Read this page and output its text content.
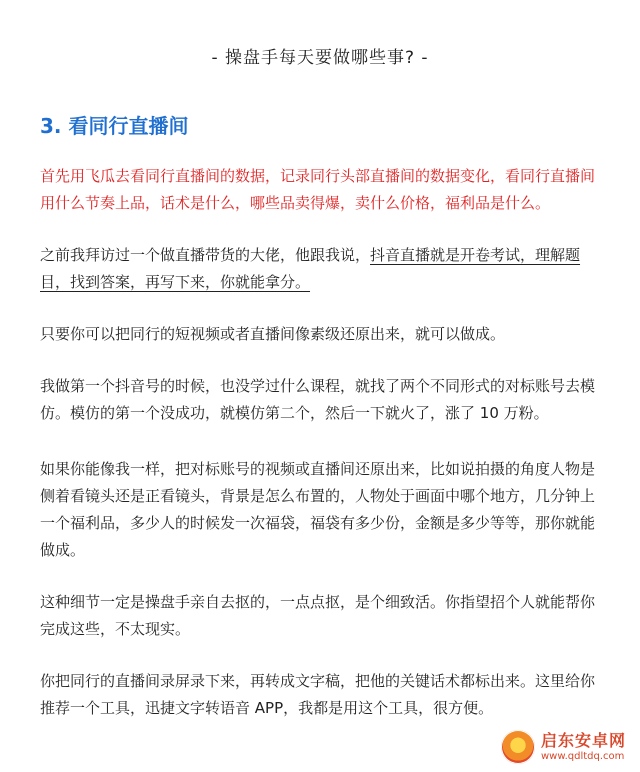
- 操盘手每天要做哪些事? -
3. 看同行直播间
首先用飞瓜去看同行直播间的数据，记录同行头部直播间的数据变化，看同行直播间用什么节奏上品，话术是什么，哪些品卖得爆，卖什么价格，福利品是什么。
之前我拜访过一个做直播带货的大佬，他跟我说，抖音直播就是开卷考试，理解题目，找到答案，再写下来，你就能拿分。
只要你可以把同行的短视频或者直播间像素级还原出来，就可以做成。
我做第一个抖音号的时候，也没学过什么课程，就找了两个不同形式的对标账号去模仿。模仿的第一个没成功，就模仿第二个，然后一下就火了，涨了 10 万粉。
如果你能像我一样，把对标账号的视频或直播间还原出来，比如说拍摄的角度人物是侧着看镜头还是正看镜头，背景是怎么布置的，人物处于画面中哪个地方，几分钟上一个福利品，多少人的时候发一次福袋，福袋有多少份，金额是多少等等，那你就能做成。
这种细节一定是操盘手亲自去抠的，一点点抠，是个细致活。你指望招个人就能帮你完成这些，不太现实。
你把同行的直播间录屏录下来，再转成文字稿，把他的关键话术都标出来。这里给你推荐一个工具，迅捷文字转语音 APP，我都是用这个工具，很方便。
启东安卓网
www.qdltdq.com
